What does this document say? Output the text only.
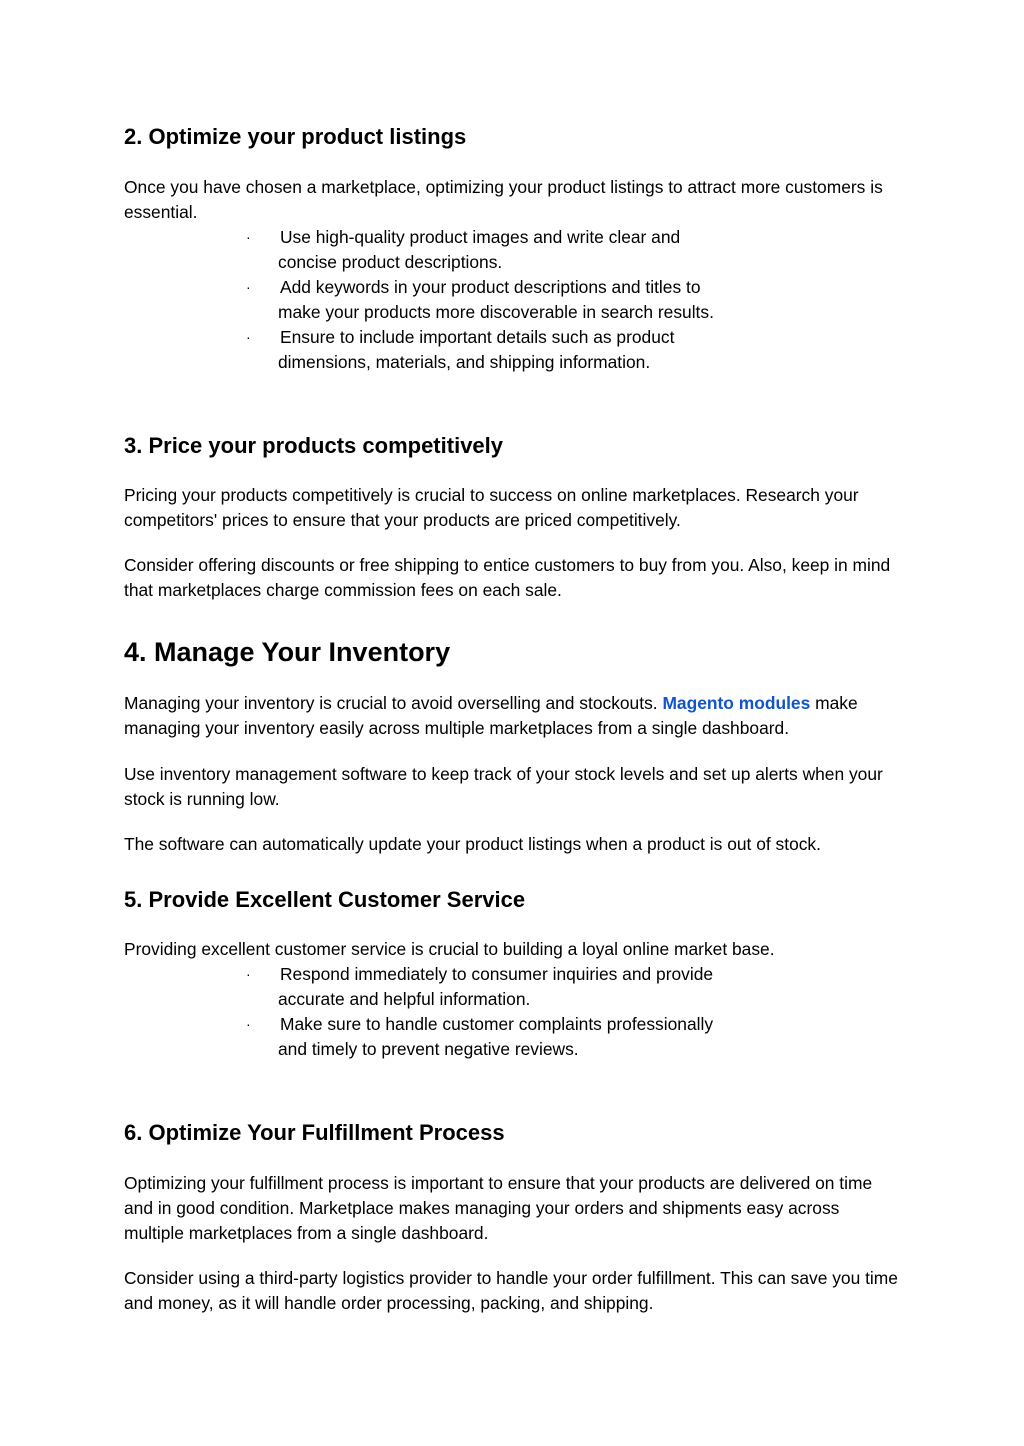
2. Optimize your product listings
Once you have chosen a marketplace, optimizing your product listings to attract more customers is essential.
·	Use high-quality product images and write clear and concise product descriptions.
·	Add keywords in your product descriptions and titles to make your products more discoverable in search results.
·	Ensure to include important details such as product dimensions, materials, and shipping information.
3. Price your products competitively
Pricing your products competitively is crucial to success on online marketplaces. Research your competitors' prices to ensure that your products are priced competitively.
Consider offering discounts or free shipping to entice customers to buy from you. Also, keep in mind that marketplaces charge commission fees on each sale.
4. Manage Your Inventory
Managing your inventory is crucial to avoid overselling and stockouts. Magento modules make managing your inventory easily across multiple marketplaces from a single dashboard.
Use inventory management software to keep track of your stock levels and set up alerts when your stock is running low.
The software can automatically update your product listings when a product is out of stock.
5. Provide Excellent Customer Service
Providing excellent customer service is crucial to building a loyal online market base.
·	Respond immediately to consumer inquiries and provide accurate and helpful information.
·	Make sure to handle customer complaints professionally and timely to prevent negative reviews.
6. Optimize Your Fulfillment Process
Optimizing your fulfillment process is important to ensure that your products are delivered on time and in good condition. Marketplace makes managing your orders and shipments easy across multiple marketplaces from a single dashboard.
Consider using a third-party logistics provider to handle your order fulfillment. This can save you time and money, as it will handle order processing, packing, and shipping.
